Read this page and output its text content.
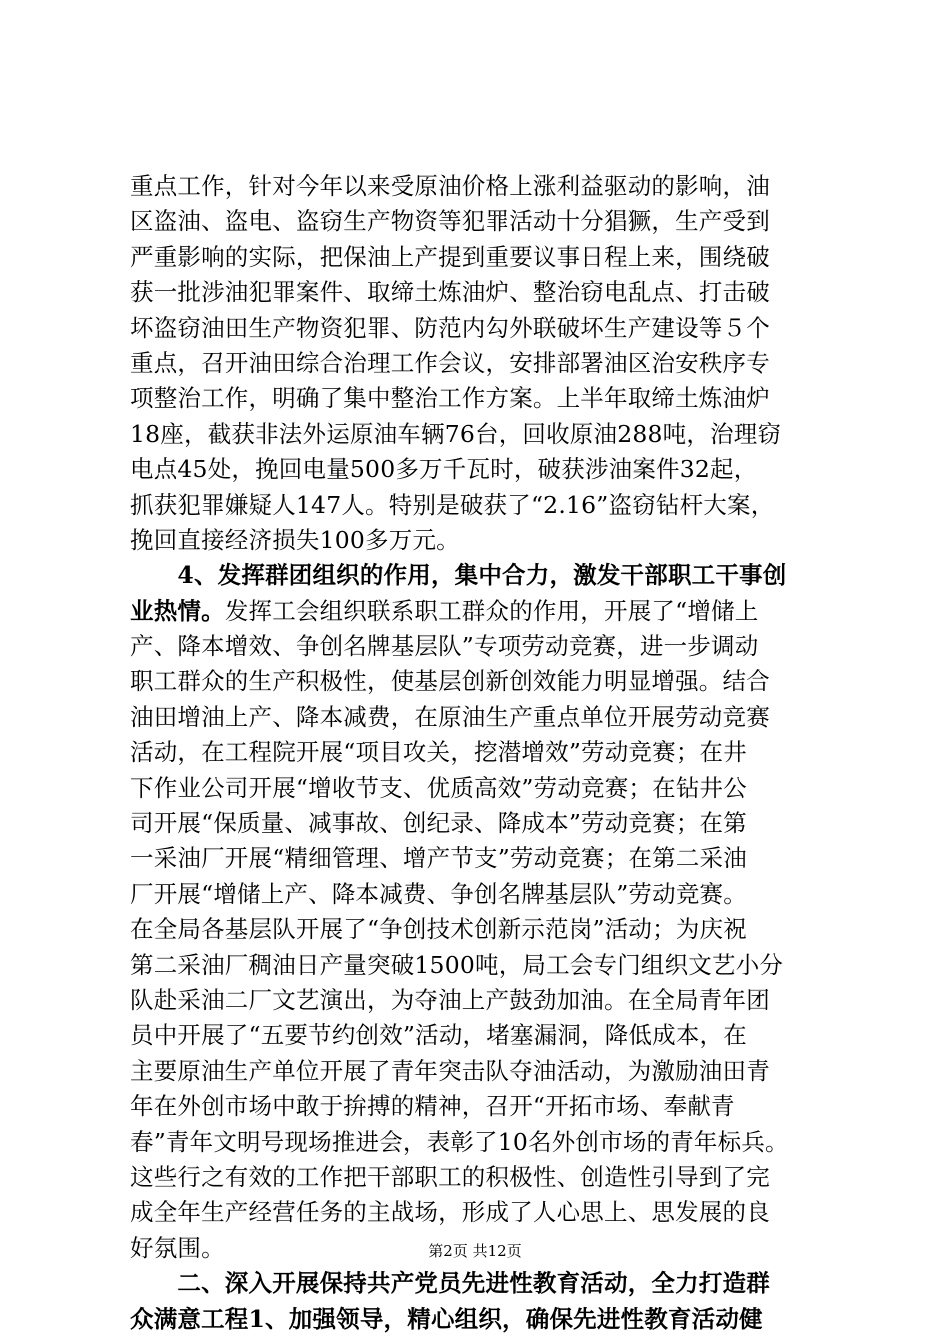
重点工作，针对今年以来受原油价格上涨利益驱动的影响，油
区盗油、盗电、盗窃生产物资等犯罪活动十分猖獗，生产受到
严重影响的实际，把保油上产提到重要议事日程上来，围绕破
获一批涉油犯罪案件、取缔土炼油炉、整治窃电乱点、打击破
坏盗窃油田生产物资犯罪、防范内勾外联破坏生产建设等５个
重点，召开油田综合治理工作会议，安排部署油区治安秩序专
项整治工作，明确了集中整治工作方案。上半年取缔土炼油炉
18座，截获非法外运原油车辆76台，回收原油288吨，治理窃
电点45处，挽回电量500多万千瓦时，破获涉油案件32起，
抓获犯罪嫌疑人147人。特别是破获了“2.16”盗窃钻杆大案，
挽回直接经济损失100多万元。
　　4、发挥群团组织的作用，集中合力，激发干部职工干事创
业热情。发挥工会组织联系职工群众的作用，开展了“增储上
产、降本增效、争创名牌基层队”专项劳动竞赛，进一步调动
职工群众的生产积极性，使基层创新创效能力明显增强。结合
油田增油上产、降本减费，在原油生产重点单位开展劳动竞赛
活动，在工程院开展“项目攻关，挖潜增效”劳动竞赛；在井
下作业公司开展“增收节支、优质高效”劳动竞赛；在钻井公
司开展“保质量、减事故、创纪录、降成本”劳动竞赛；在第
一采油厂开展“精细管理、增产节支”劳动竞赛；在第二采油
厂开展“增储上产、降本减费、争创名牌基层队”劳动竞赛。
在全局各基层队开展了“争创技术创新示范岗”活动；为庆祝
第二采油厂稠油日产量突破1500吨，局工会专门组织文艺小分
队赴采油二厂文艺演出，为夺油上产鼓劲加油。在全局青年团
员中开展了“五要节约创效”活动，堵塞漏洞，降低成本，在
主要原油生产单位开展了青年突击队夺油活动，为激励油田青
年在外创市场中敢于拚搏的精神，召开“开拓市场、奉献青
春”青年文明号现场推进会，表彰了10名外创市场的青年标兵。
这些行之有效的工作把干部职工的积极性、创造性引导到了完
成全年生产经营任务的主战场，形成了人心思上、思发展的良
好氛围。
　　二、深入开展保持共产党员先进性教育活动，全力打造群
众满意工程1、加强领导，精心组织，确保先进性教育活动健
第2页 共12页
